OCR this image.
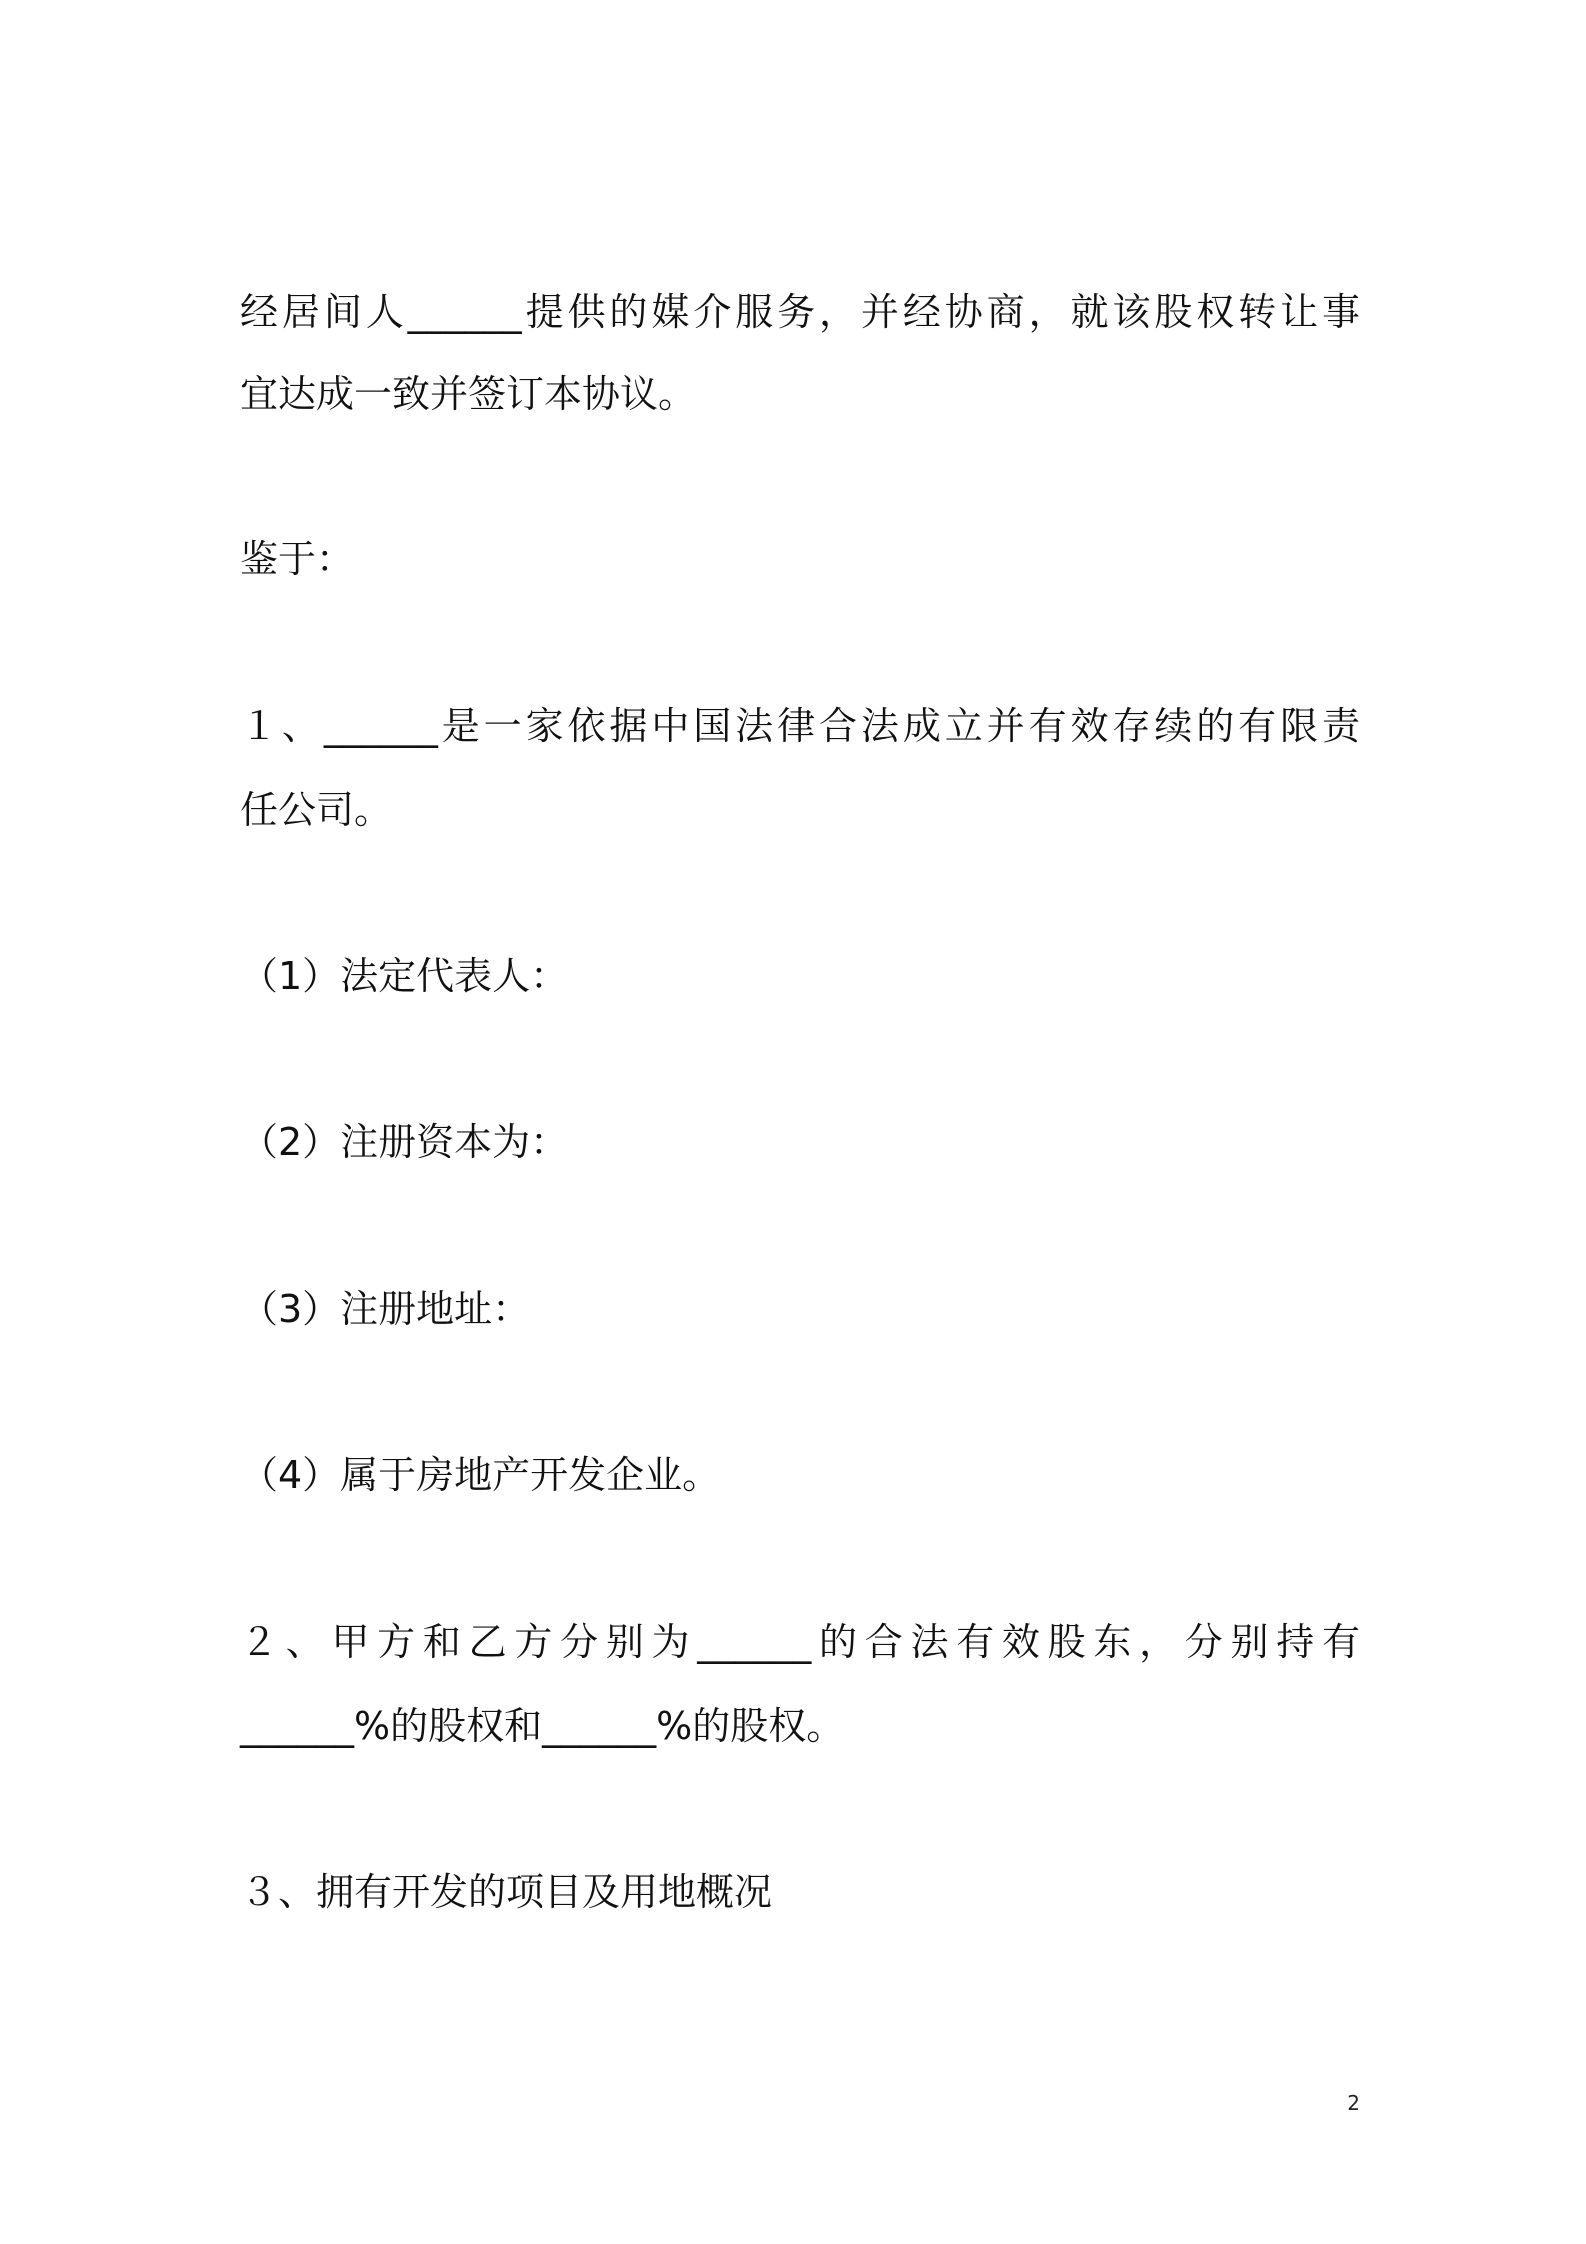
经居间人______提供的媒介服务，并经协商，就该股权转让事
宜达成一致并签订本协议。
鉴于：
１、______是一家依据中国法律合法成立并有效存续的有限责
任公司。
（1）法定代表人：
（2）注册资本为：
（3）注册地址：
（4）属于房地产开发企业。
２、甲方和乙方分别为______的合法有效股东，分别持有
______%的股权和______%的股权。
３、拥有开发的项目及用地概况
2
